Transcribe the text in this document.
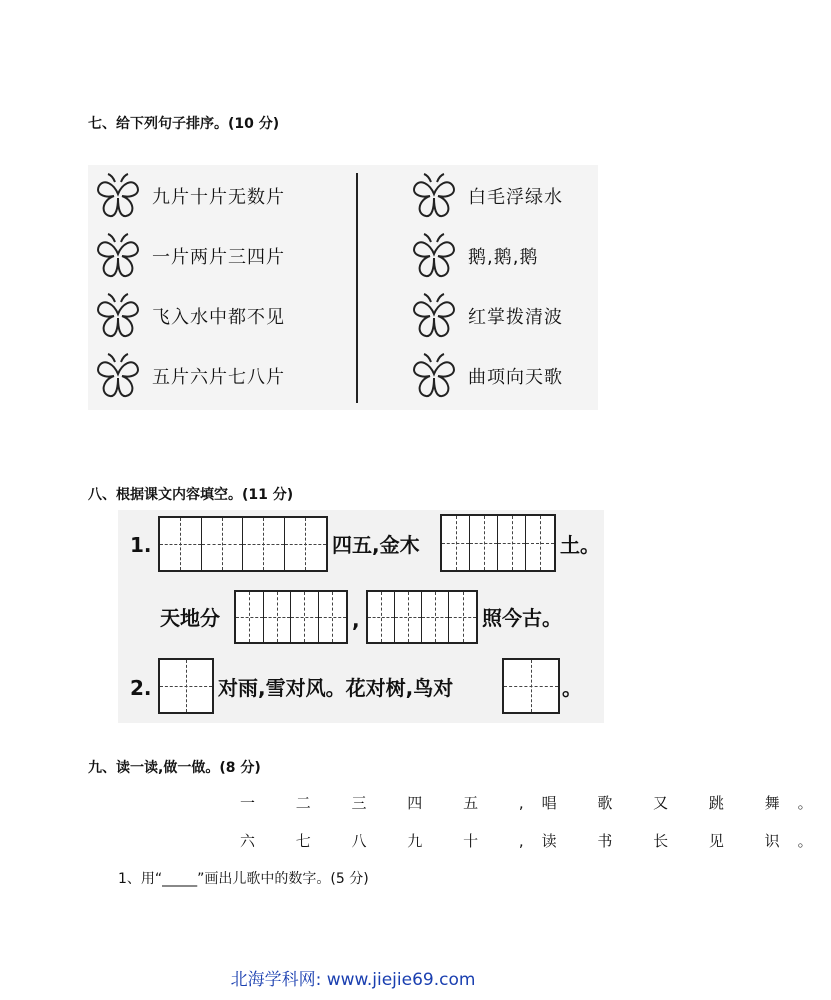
七、给下列句子排序。(10 分)
九片十片无数片
一片两片三四片
飞入水中都不见
五片六片七八片
白毛浮绿水
鹅,鹅,鹅
红掌拨清波
曲项向天歌
八、根据课文内容填空。(11 分)
1.	四五,金木	土。
天地分	,	照今古。
2.	对雨,雪对风。花对树,鸟对	。
九、读一读,做一做。(8 分)
一 二 三 四 五 ,唱 歌 又 跳 舞。
六 七 八 九 十 ,读 书 长 见 识。
1、用“_____”画出儿歌中的数字。(5 分)
北海学科网: www.jiejie69.com
